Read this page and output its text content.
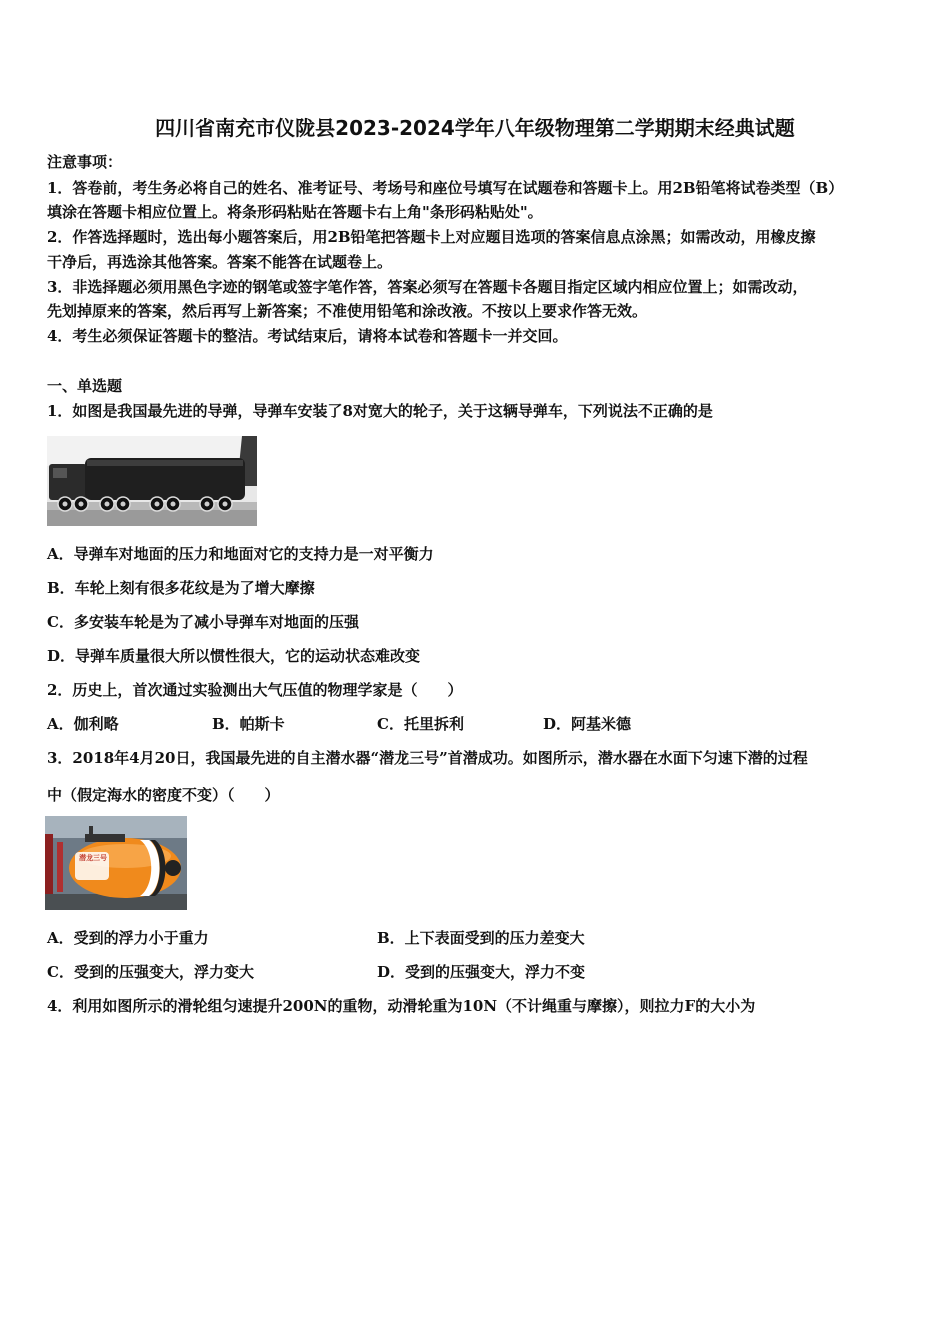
四川省南充市仪陇县2023-2024学年八年级物理第二学期期末经典试题
注意事项：
1．答卷前，考生务必将自己的姓名、准考证号、考场号和座位号填写在试题卷和答题卡上。用2B铅笔将试卷类型（B）
填涂在答题卡相应位置上。将条形码粘贴在答题卡右上角"条形码粘贴处"。
2．作答选择题时，选出每小题答案后，用2B铅笔把答题卡上对应题目选项的答案信息点涂黑；如需改动，用橡皮擦
干净后，再选涂其他答案。答案不能答在试题卷上。
3．非选择题必须用黑色字迹的钢笔或签字笔作答，答案必须写在答题卡各题目指定区域内相应位置上；如需改动，
先划掉原来的答案，然后再写上新答案；不准使用铅笔和涂改液。不按以上要求作答无效。
4．考生必须保证答题卡的整洁。考试结束后，请将本试卷和答题卡一并交回。
一、单选题
1．如图是我国最先进的导弹，导弹车安装了8对宽大的轮子，关于这辆导弹车，下列说法不正确的是
A．导弹车对地面的压力和地面对它的支持力是一对平衡力
B．车轮上刻有很多花纹是为了增大摩擦
C．多安装车轮是为了减小导弹车对地面的压强
D．导弹车质量很大所以惯性很大，它的运动状态难改变
2．历史上，首次通过实验测出大气压值的物理学家是（　　）
A．伽利略	B．帕斯卡	C．托里拆利	D．阿基米德
3．2018年4月20日，我国最先进的自主潜水器“潜龙三号”首潜成功。如图所示，潜水器在水面下匀速下潜的过程
中（假定海水的密度不变）（　　）
潜龙三号
A．受到的浮力小于重力	B．上下表面受到的压力差变大
C．受到的压强变大，浮力变大	D．受到的压强变大，浮力不变
4．利用如图所示的滑轮组匀速提升200N的重物，动滑轮重为10N（不计绳重与摩擦），则拉力F的大小为
